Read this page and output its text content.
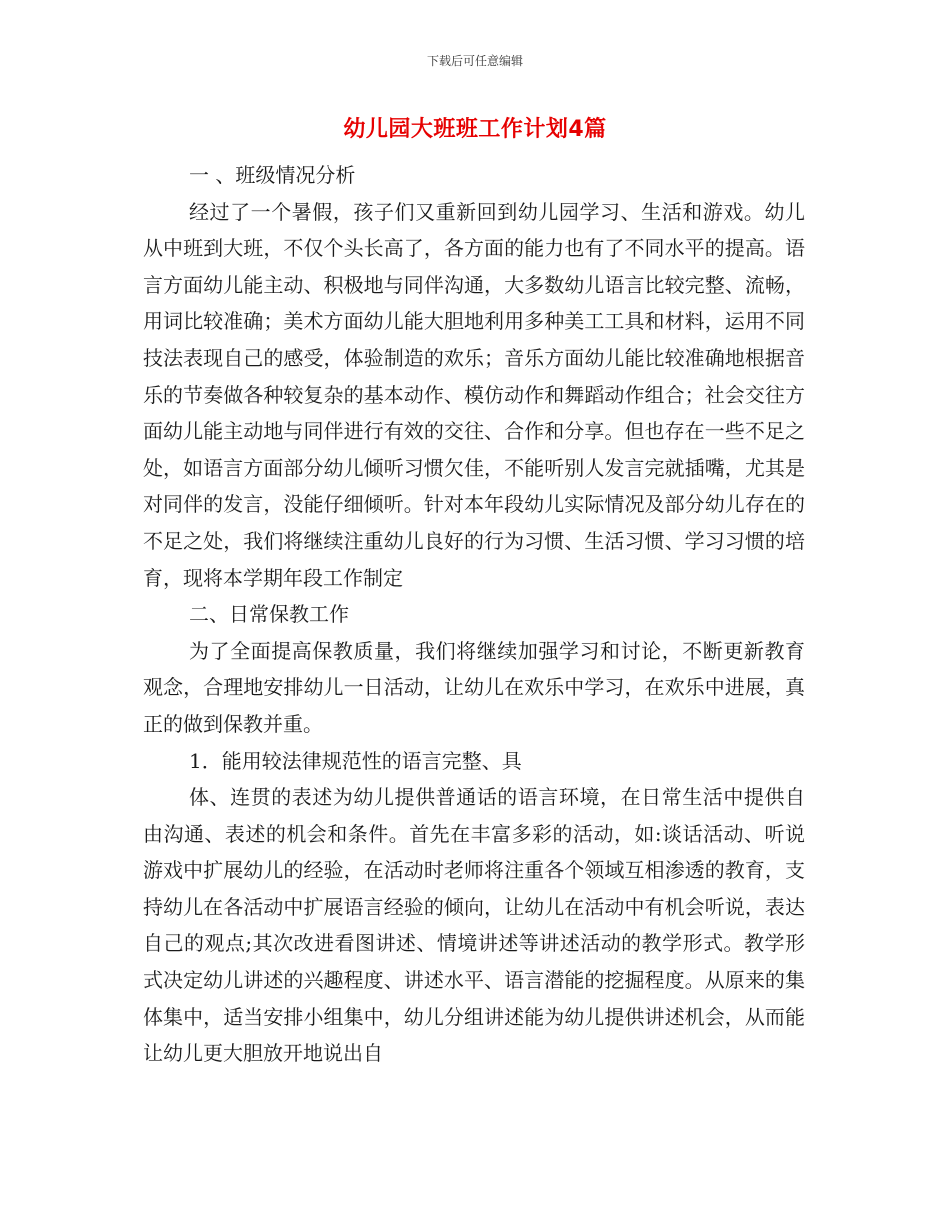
下载后可任意编辑
幼儿园大班班工作计划4篇

一 、班级情况分析

经过了一个暑假，孩子们又重新回到幼儿园学习、生活和游戏。幼儿从中班到大班，不仅个头长高了，各方面的能力也有了不同水平的提高。语言方面幼儿能主动、积极地与同伴沟通，大多数幼儿语言比较完整、流畅，用词比较准确；美术方面幼儿能大胆地利用多种美工工具和材料，运用不同技法表现自己的感受，体验制造的欢乐；音乐方面幼儿能比较准确地根据音乐的节奏做各种较复杂的基本动作、模仿动作和舞蹈动作组合；社会交往方面幼儿能主动地与同伴进行有效的交往、合作和分享。但也存在一些不足之处，如语言方面部分幼儿倾听习惯欠佳，不能听别人发言完就插嘴，尤其是对同伴的发言，没能仔细倾听。针对本年段幼儿实际情况及部分幼儿存在的不足之处，我们将继续注重幼儿良好的行为习惯、生活习惯、学习习惯的培育，现将本学期年段工作制定

二、日常保教工作

为了全面提高保教质量，我们将继续加强学习和讨论，不断更新教育观念，合理地安排幼儿一日活动，让幼儿在欢乐中学习，在欢乐中进展，真正的做到保教并重。

1．能用较法律规范性的语言完整、具

体、连贯的表述为幼儿提供普通话的语言环境，在日常生活中提供自由沟通、表述的机会和条件。首先在丰富多彩的活动，如:谈话活动、听说游戏中扩展幼儿的经验，在活动时老师将注重各个领域互相渗透的教育，支持幼儿在各活动中扩展语言经验的倾向，让幼儿在活动中有机会听说，表达自己的观点;其次改进看图讲述、情境讲述等讲述活动的教学形式。教学形式决定幼儿讲述的兴趣程度、讲述水平、语言潜能的挖掘程度。从原来的集体集中，适当安排小组集中，幼儿分组讲述能为幼儿提供讲述机会，从而能让幼儿更大胆放开地说出自
